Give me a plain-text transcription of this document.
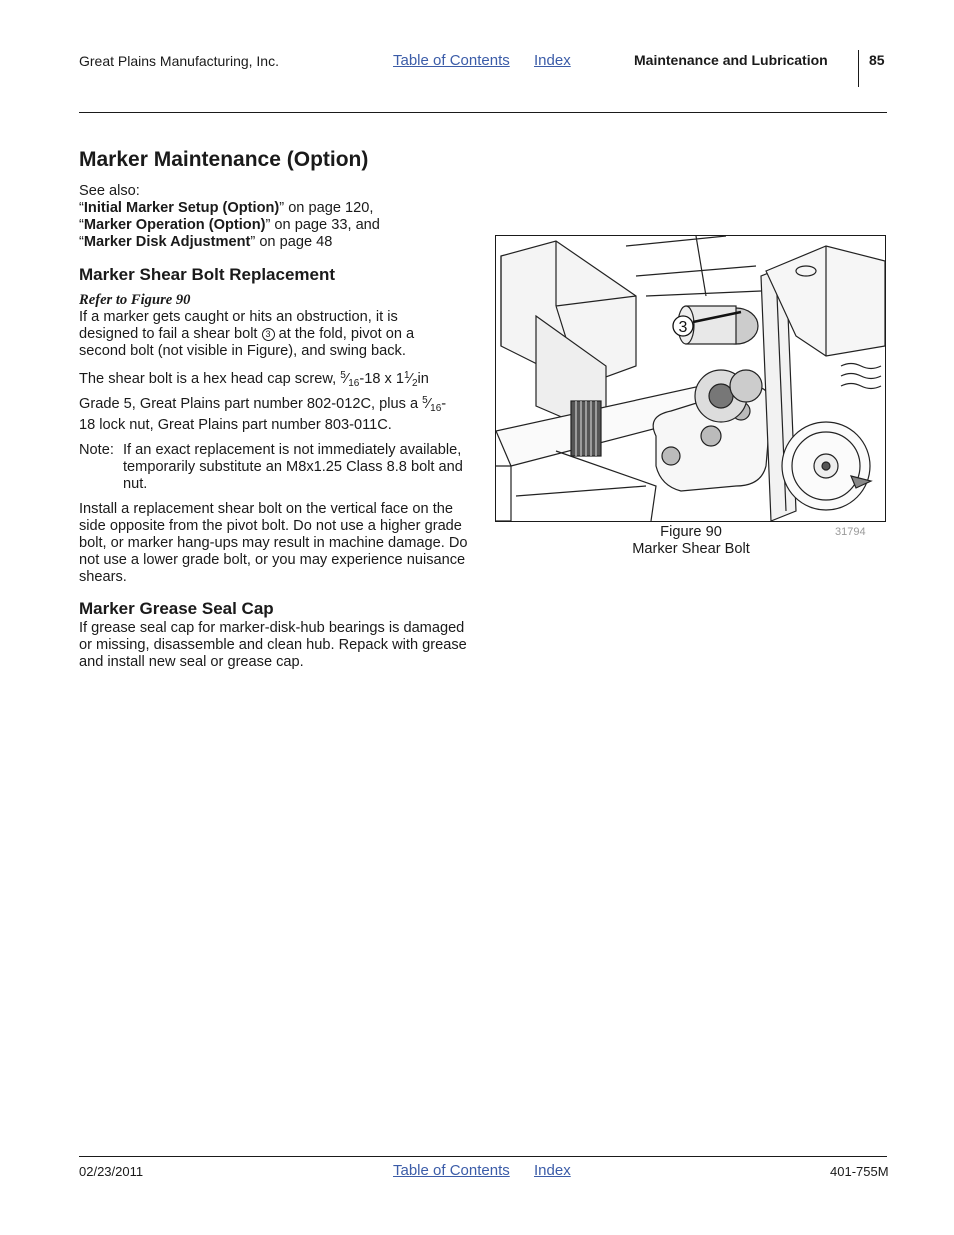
Great Plains Manufacturing, Inc.	Table of Contents Index	Maintenance and Lubrication	85
Marker Maintenance (Option)

See also:

“Initial Marker Setup (Option)” on page 120,

“Marker Operation (Option)” on page 33, and

“Marker Disk Adjustment” on page 48

Marker Shear Bolt Replacement
Refer to Figure 90

If a marker gets caught or hits an obstruction, it is designed to fail a shear bolt 3 at the fold, pivot on a second bolt (not visible in Figure), and swing back.

The shear bolt is a hex head cap screw, $^5⁄_{16}-18$ x $1^1⁄_2in$ Grade 5, Great Plains part number 802-012C, plus a $^5⁄_{16}-18$ lock nut, Great Plains part number 803-011C.

Note: If an exact replacement is not immediately available, temporarily substitute an M8x1.25 Class 8.8 bolt and nut.

Install a replacement shear bolt on the vertical face on the side opposite from the pivot bolt. Do not use a higher grade bolt, or marker hang-ups may result in machine damage. Do not use a lower grade bolt, or you may experience nuisance shears.

Marker Grease Seal Cap

If grease seal cap for marker-disk-hub bearings is damaged or missing, disassemble and clean hub. Repack with grease and install new seal or grease cap.

3
Figure 90
Marker Shear Bolt
31794
02/23/2011	Table of Contents Index	401-755M
